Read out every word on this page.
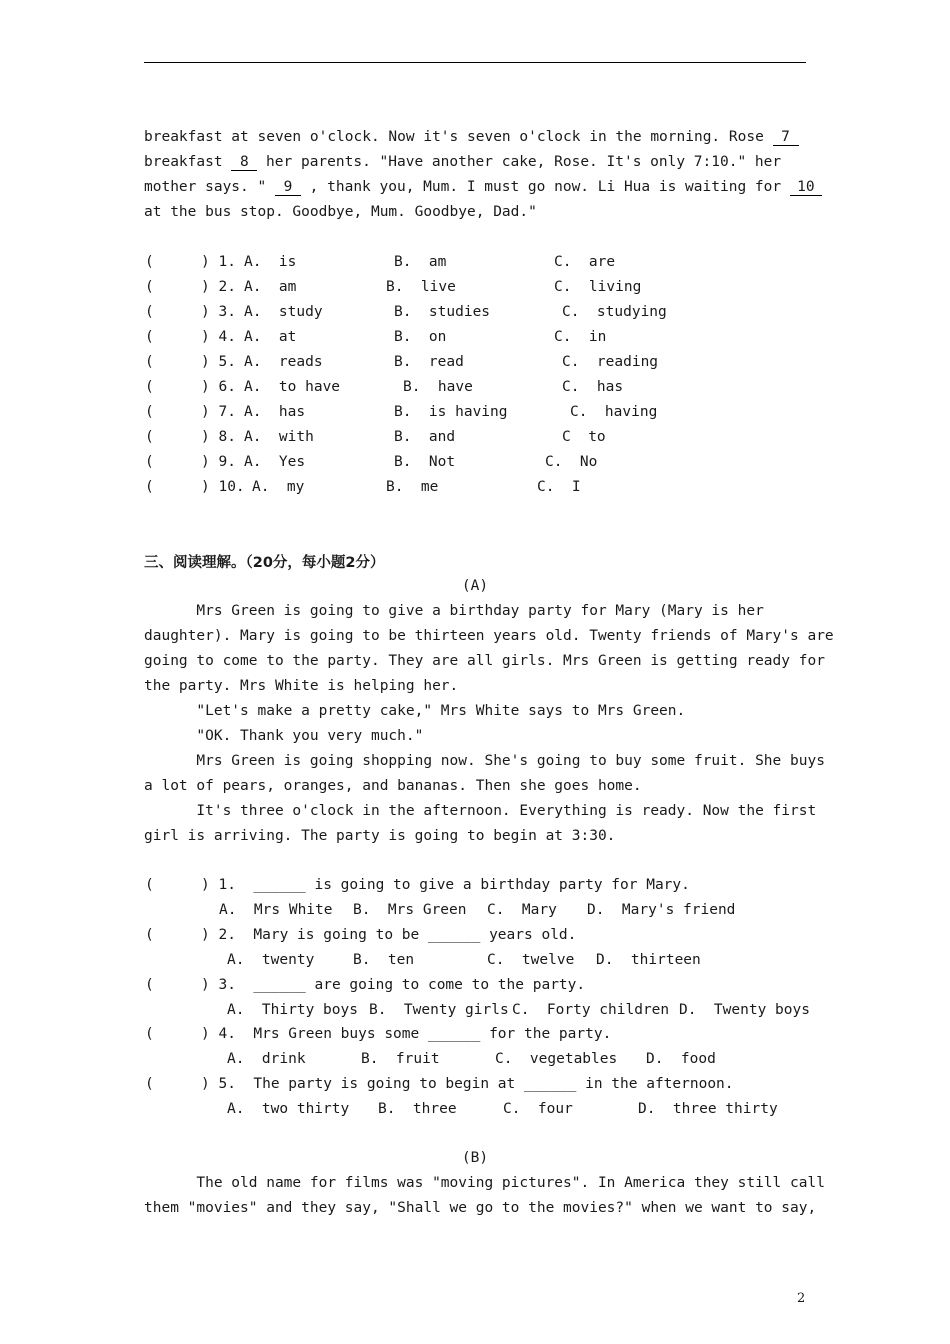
breakfast at seven o'clock. Now it's seven o'clock in the morning. Rose 7
breakfast 8 her parents. "Have another cake, Rose. It's only 7:10." her
mother says. " 9 , thank you, Mum. I must go now. Li Hua is waiting for 10
at the bus stop. Goodbye, Mum. Goodbye, Dad."
(	) 1. A.  is	B.  am	C.  are
(	) 2. A.  am	B.  live	C.  living
(	) 3. A.  study	B.  studies	C.  studying
(	) 4. A.  at	B.  on	C.  in
(	) 5. A.  reads	B.  read	C.  reading
(	) 6. A.  to have	B.  have	C.  has
(	) 7. A.  has	B.  is having	C.  having
(	) 8. A.  with	B.  and	C  to
(	) 9. A.  Yes	B.  Not	C.  No
(	) 10. A.  my	B.  me	C.  I
三、阅读理解。（20分，每小题2分）
(A)
Mrs Green is going to give a birthday party for Mary (Mary is her
daughter). Mary is going to be thirteen years old. Twenty friends of Mary's are
going to come to the party. They are all girls. Mrs Green is getting ready for
the party. Mrs White is helping her.
"Let's make a pretty cake," Mrs White says to Mrs Green.
"OK. Thank you very much."
Mrs Green is going shopping now. She's going to buy some fruit. She buys
a lot of pears, oranges, and bananas. Then she goes home.
It's three o'clock in the afternoon. Everything is ready. Now the first
girl is arriving. The party is going to begin at 3:30.
(	) 1.  ______ is going to give a birthday party for Mary.
A.  Mrs White B.  Mrs Green C.  Mary D.  Mary's friend
(	) 2.  Mary is going to be ______ years old.
A.  twenty	B.  ten	C.  twelve D.  thirteen
(	) 3.  ______ are going to come to the party.
A.  Thirty boys B.  Twenty girls C.  Forty children D.  Twenty boys
(	) 4.  Mrs Green buys some ______ for the party.
A.  drink	B.  fruit	C.  vegetables D.  food
(	) 5.  The party is going to begin at ______ in the afternoon.
A.  two thirty B.  three	C.  four	D.  three thirty
(B)
The old name for films was "moving pictures". In America they still call
them "movies" and they say, "Shall we go to the movies?" when we want to say,
2
